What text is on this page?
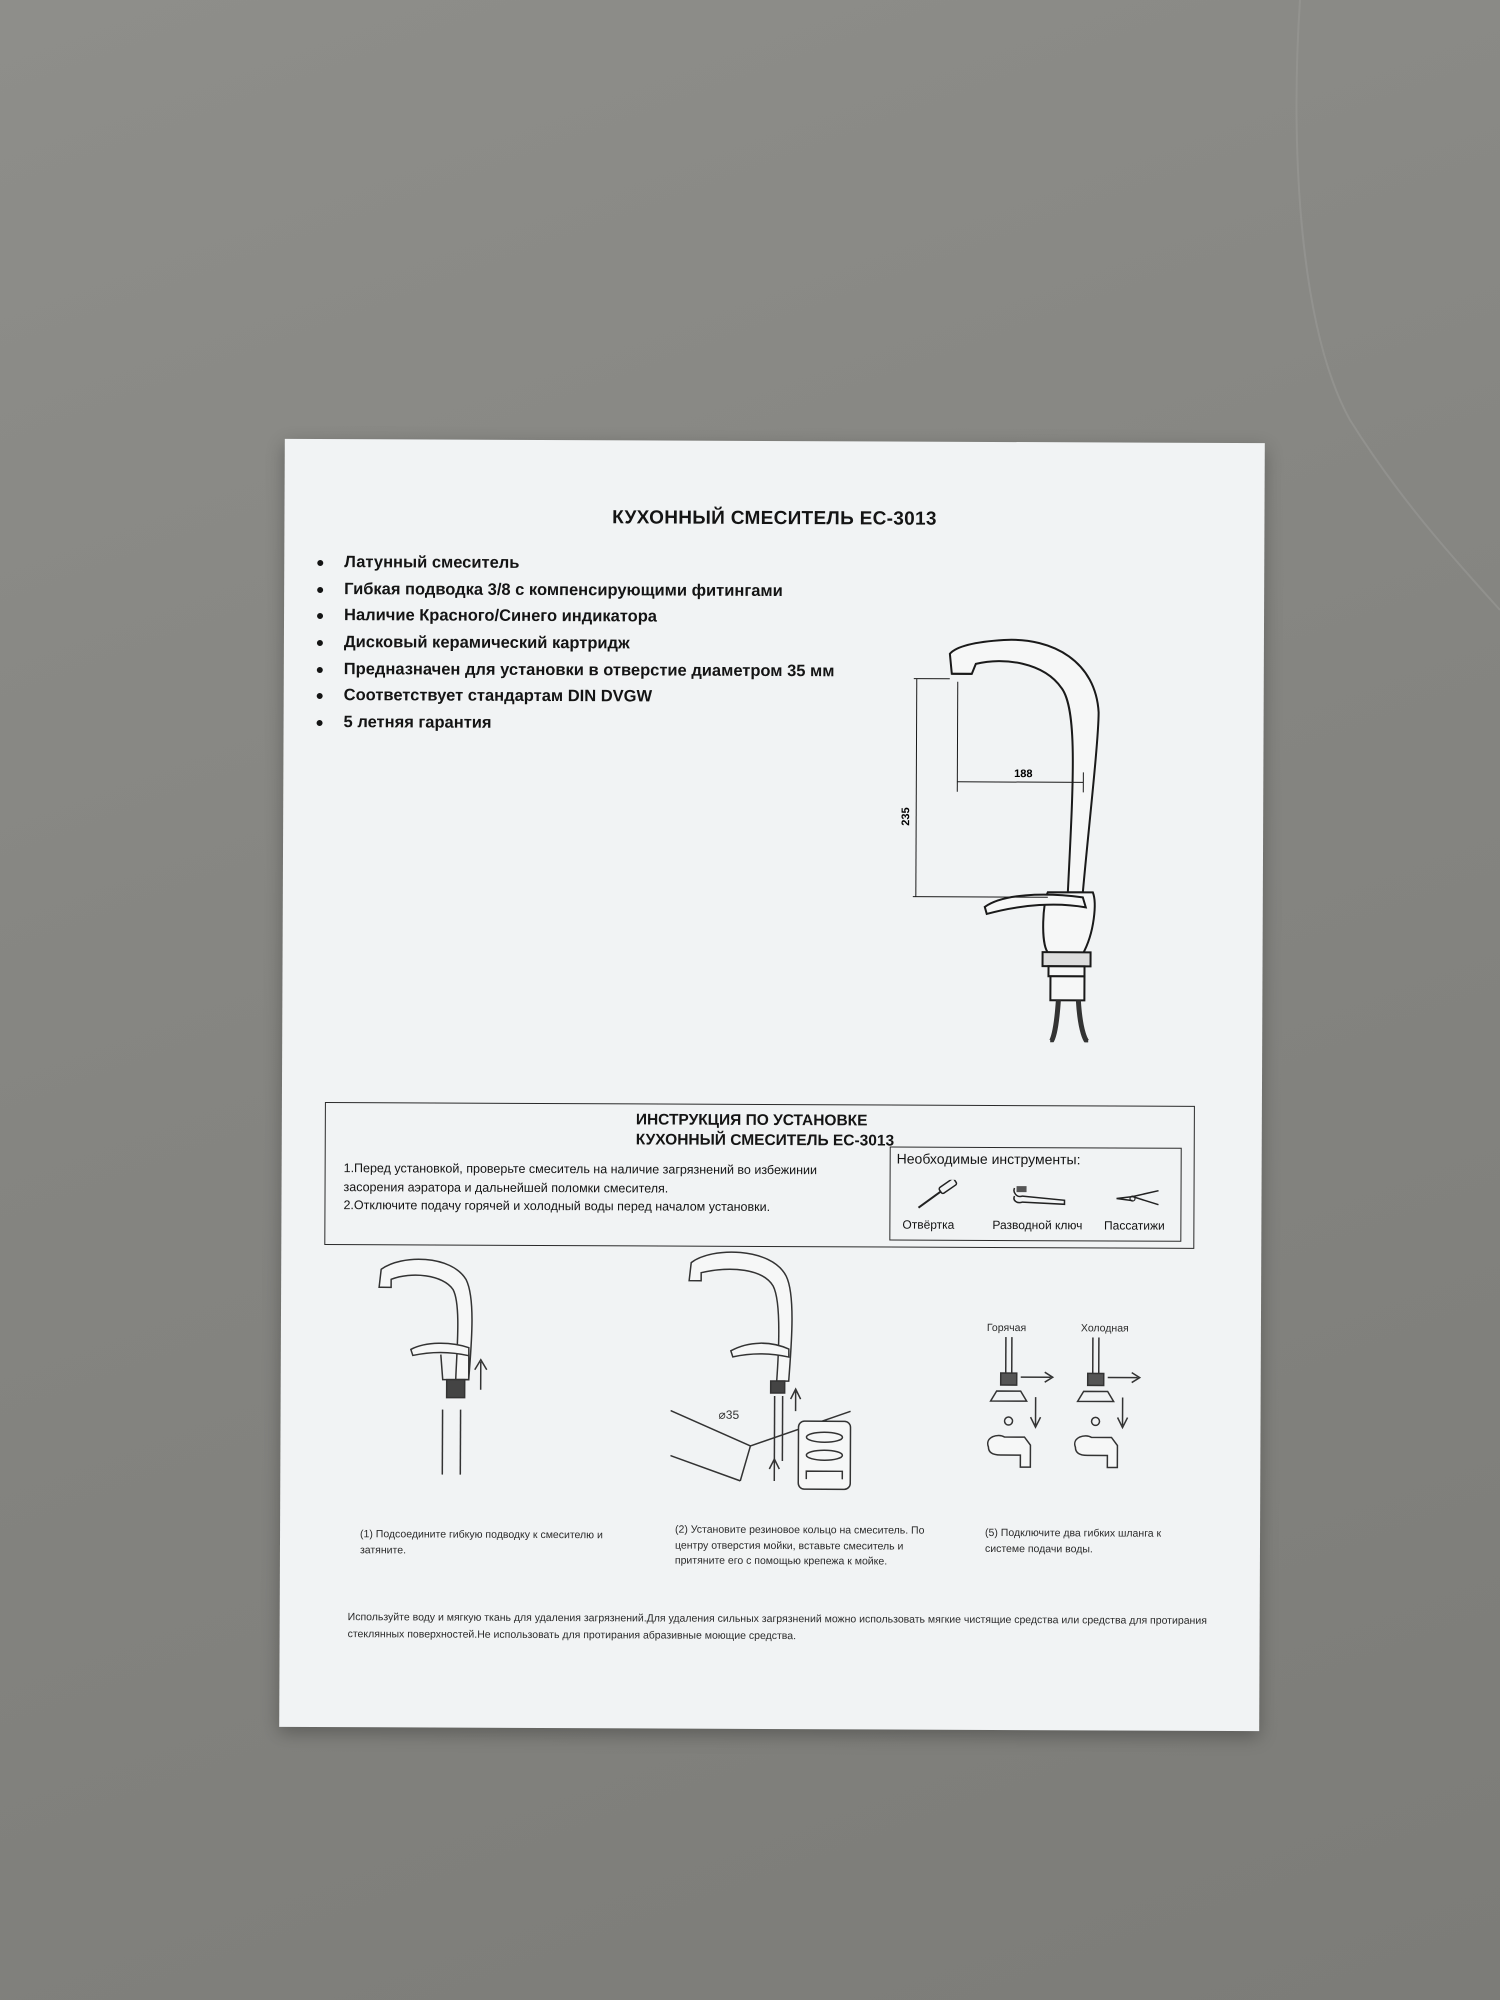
КУХОННЫЙ СМЕСИТЕЛЬ ЕС-3013
Латунный смеситель
Гибкая подводка 3/8 с компенсирующими фитингами
Наличие Красного/Синего индикатора
Дисковый керамический картридж
Предназначен для установки в отверстие диаметром 35 мм
Соответствует стандартам DIN DVGW
5 летняя гарантия
188
235
ИНСТРУКЦИЯ ПО УСТАНОВКЕ
КУХОННЫЙ СМЕСИТЕЛЬ ЕС-3013
1.Перед установкой, проверьте смеситель на наличие загрязнений во избежинии засорения аэратора и дальнейшей поломки смесителя.
2.Отключите подачу горячей и холодный воды перед началом установки.
Необходимые инструменты:
Отвёртка	Разводной ключ	Пассатижи
⌀35
Горячая	Холодная
(1) Подсоедините гибкую подводку к смесителю и затяните.
(2) Установите резиновое кольцо на смеситель. По центру отверстия мойки, вставьте смеситель и притяните его с помощью крепежа к мойке.
(5) Подключите два гибких шланга к системе подачи воды.
Используйте воду и мягкую ткань для удаления загрязнений.Для удаления сильных загрязнений можно использовать мягкие чистящие средства или средства для протирания стеклянных поверхностей.Не использовать для протирания абразивные моющие средства.
